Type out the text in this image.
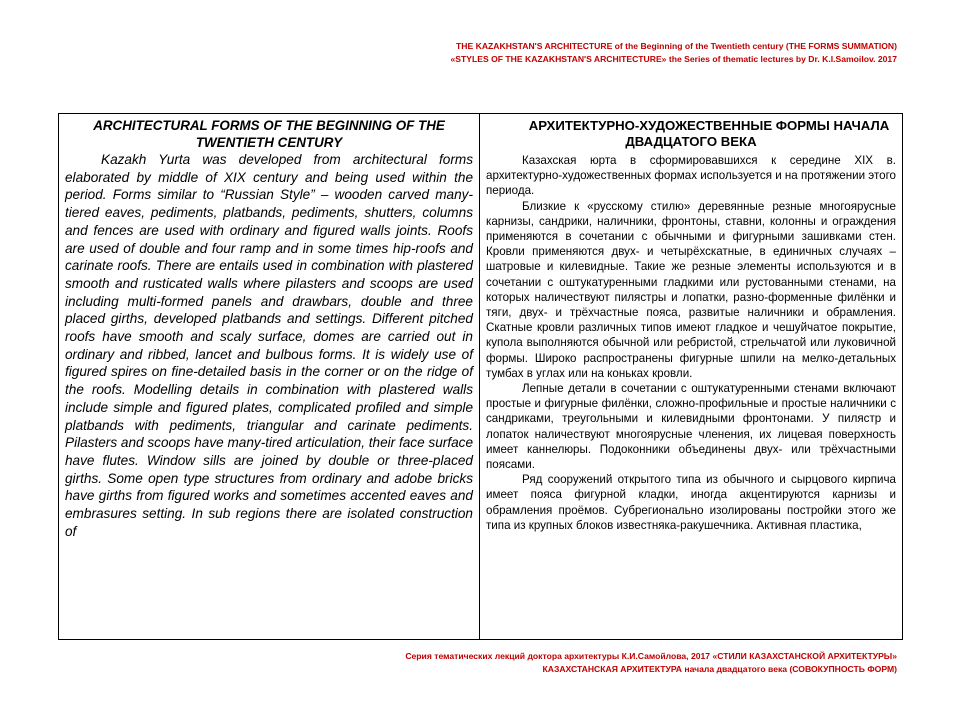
THE KAZAKHSTAN'S ARCHITECTURE of the Beginning of the Twentieth century (THE FORMS SUMMATION)
«STYLES OF THE KAZAKHSTAN'S ARCHITECTURE» the Series of thematic lectures by Dr. K.I.Samoilov. 2017

ARCHITECTURAL FORMS OF THE BEGINNING OF THE TWENTIETH CENTURY

Kazakh Yurta was developed from architectural forms elaborated by middle of XIX century and being used within the period. Forms similar to “Russian Style” – wooden carved many-tiered eaves, pediments, platbands, pediments, shutters, columns and fences are used with ordinary and figured walls joints. Roofs are used of double and four ramp and in some times hip-roofs and carinate roofs. There are entails used in combination with plastered smooth and rusticated walls where pilasters and scoops are used including multi-formed panels and drawbars, double and three placed girths, developed platbands and settings. Different pitched roofs have smooth and scaly surface, domes are carried out in ordinary and ribbed, lancet and bulbous forms. It is widely use of figured spires on fine-detailed basis in the corner or on the ridge of the roofs. Modelling details in combination with plastered walls include simple and figured plates, complicated profiled and simple platbands with pediments, triangular and carinate pediments. Pilasters and scoops have many-tired articulation, their face surface have flutes. Window sills are joined by double or three-placed girths. Some open type structures from ordinary and adobe bricks have girths from figured works and sometimes accented eaves and embrasures setting. In sub regions there are isolated construction of

АРХИТЕКТУРНО-ХУДОЖЕСТВЕННЫЕ ФОРМЫ НАЧАЛА ДВАДЦАТОГО ВЕКА

Казахская юрта в сформировавшихся к середине XIX в. архитектурно-художественных формах используется и на протяжении этого периода.

Близкие к «русскому стилю» деревянные резные многоярусные карнизы, сандрики, наличники, фронтоны, ставни, колонны и ограждения применяются в сочетании с обычными и фигурными зашивками стен. Кровли применяются двух- и четырёхскатные, в единичных случаях – шатровые и килевидные. Такие же резные элементы используются и в сочетании с оштукатуренными гладкими или рустованными стенами, на которых наличествуют пилястры и лопатки, разно-форменные филёнки и тяги, двух- и трёхчастные пояса, развитые наличники и обрамления. Скатные кровли различных типов имеют гладкое и чешуйчатое покрытие, купола выполняются обычной или ребристой, стрельчатой или луковичной формы. Широко распространены фигурные шпили на мелко-детальных тумбах в углах или на коньках кровли.

Лепные детали в сочетании с оштукатуренными стенами включают простые и фигурные филёнки, сложно-профильные и простые наличники с сандриками, треугольными и килевидными фронтонами. У пилястр и лопаток наличествуют многоярусные членения, их лицевая поверхность имеет каннелюры. Подоконники объединены двух- или трёхчастными поясами.

Ряд сооружений открытого типа из обычного и сырцового кирпича имеет пояса фигурной кладки, иногда акцентируются карнизы и обрамления проёмов. Субрегионально изолированы постройки этого же типа из крупных блоков известняка-ракушечника. Активная пластика,

Серия тематических лекций доктора архитектуры К.И.Самойлова, 2017 «СТИЛИ КАЗАХСТАНСКОЙ АРХИТЕКТУРЫ»
КАЗАХСТАНСКАЯ АРХИТЕКТУРА начала двадцатого века (СОВОКУПНОСТЬ ФОРМ)
